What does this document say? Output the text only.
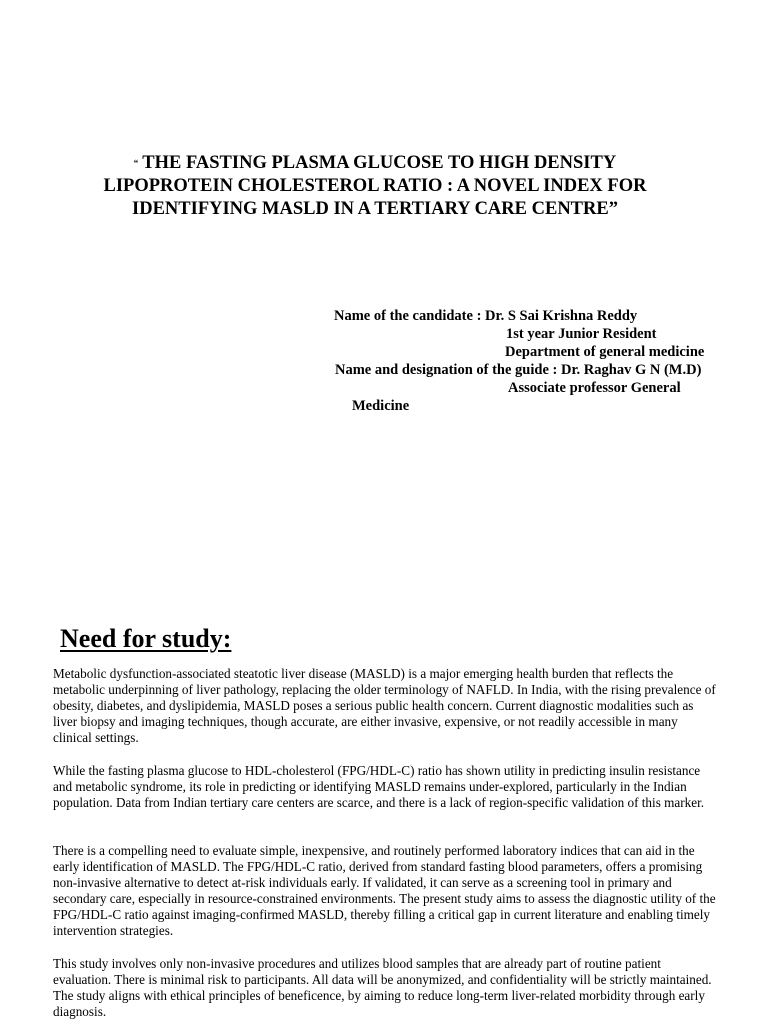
“ THE FASTING PLASMA GLUCOSE TO HIGH DENSITY
LIPOPROTEIN CHOLESTEROL RATIO : A NOVEL INDEX FOR
IDENTIFYING MASLD IN A TERTIARY CARE CENTRE”
Name of the candidate : Dr. S Sai Krishna Reddy
1st year Junior Resident
Department of general medicine
Name and designation of the guide : Dr. Raghav G N (M.D)
Associate professor General
Medicine
Need for study:

Metabolic dysfunction-associated steatotic liver disease (MASLD) is a major emerging health burden that reflects the metabolic underpinning of liver pathology, replacing the older terminology of NAFLD. In India, with the rising prevalence of obesity, diabetes, and dyslipidemia, MASLD poses a serious public health concern. Current diagnostic modalities such as liver biopsy and imaging techniques, though accurate, are either invasive, expensive, or not readily accessible in many clinical settings.

While the fasting plasma glucose to HDL-cholesterol (FPG/HDL-C) ratio has shown utility in predicting insulin resistance and metabolic syndrome, its role in predicting or identifying MASLD remains under-explored, particularly in the Indian population. Data from Indian tertiary care centers are scarce, and there is a lack of region-specific validation of this marker.

There is a compelling need to evaluate simple, inexpensive, and routinely performed laboratory indices that can aid in the early identification of MASLD. The FPG/HDL-C ratio, derived from standard fasting blood parameters, offers a promising non-invasive alternative to detect at-risk individuals early. If validated, it can serve as a screening tool in primary and secondary care, especially in resource-constrained environments. The present study aims to assess the diagnostic utility of the FPG/HDL-C ratio against imaging-confirmed MASLD, thereby filling a critical gap in current literature and enabling timely intervention strategies.

This study involves only non-invasive procedures and utilizes blood samples that are already part of routine patient evaluation. There is minimal risk to participants. All data will be anonymized, and confidentiality will be strictly maintained. The study aligns with ethical principles of beneficence, by aiming to reduce long-term liver-related morbidity through early diagnosis.
